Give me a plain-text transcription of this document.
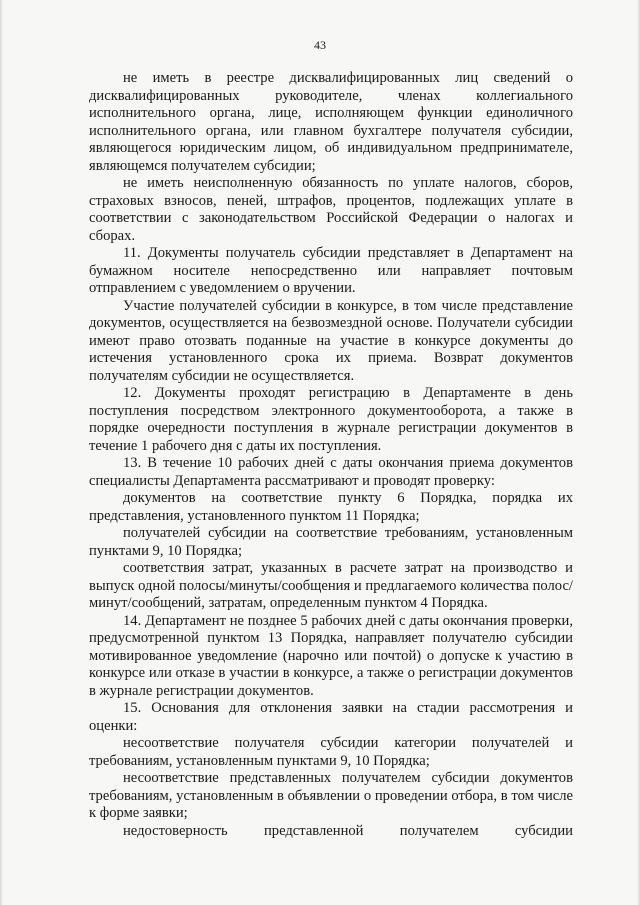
43

не иметь в реестре дисквалифицированных лиц сведений о дисквалифицированных руководителе, членах коллегиального исполнительного органа, лице, исполняющем функции единоличного исполнительного органа, или главном бухгалтере получателя субсидии, являющегося юридическим лицом, об индивидуальном предпринимателе, являющемся получателем субсидии;

не иметь неисполненную обязанность по уплате налогов, сборов, страховых взносов, пеней, штрафов, процентов, подлежащих уплате в соответствии с законодательством Российской Федерации о налогах и сборах.

11. Документы получатель субсидии представляет в Департамент на бумажном носителе непосредственно или направляет почтовым отправлением с уведомлением о вручении.

Участие получателей субсидии в конкурсе, в том числе представление документов, осуществляется на безвозмездной основе. Получатели субсидии имеют право отозвать поданные на участие в конкурсе документы до истечения установленного срока их приема. Возврат документов получателям субсидии не осуществляется.

12. Документы проходят регистрацию в Департаменте в день поступления посредством электронного документооборота, а также в порядке очередности поступления в журнале регистрации документов в течение 1 рабочего дня с даты их поступления.

13. В течение 10 рабочих дней с даты окончания приема документов специалисты Департамента рассматривают и проводят проверку:

документов на соответствие пункту 6 Порядка, порядка их представления, установленного пунктом 11 Порядка;

получателей субсидии на соответствие требованиям, установленным пунктами 9, 10 Порядка;

соответствия затрат, указанных в расчете затрат на производство и выпуск одной полосы/минуты/сообщения и предлагаемого количества полос/минут/сообщений, затратам, определенным пунктом 4 Порядка.

14. Департамент не позднее 5 рабочих дней с даты окончания проверки, предусмотренной пунктом 13 Порядка, направляет получателю субсидии мотивированное уведомление (нарочно или почтой) о допуске к участию в конкурсе или отказе в участии в конкурсе, а также о регистрации документов в журнале регистрации документов.

15. Основания для отклонения заявки на стадии рассмотрения и оценки:

несоответствие получателя субсидии категории получателей и требованиям, установленным пунктами 9, 10 Порядка;

несоответствие представленных получателем субсидии документов требованиям, установленным в объявлении о проведении отбора, в том числе к форме заявки;

недостоверность представленной получателем субсидии
